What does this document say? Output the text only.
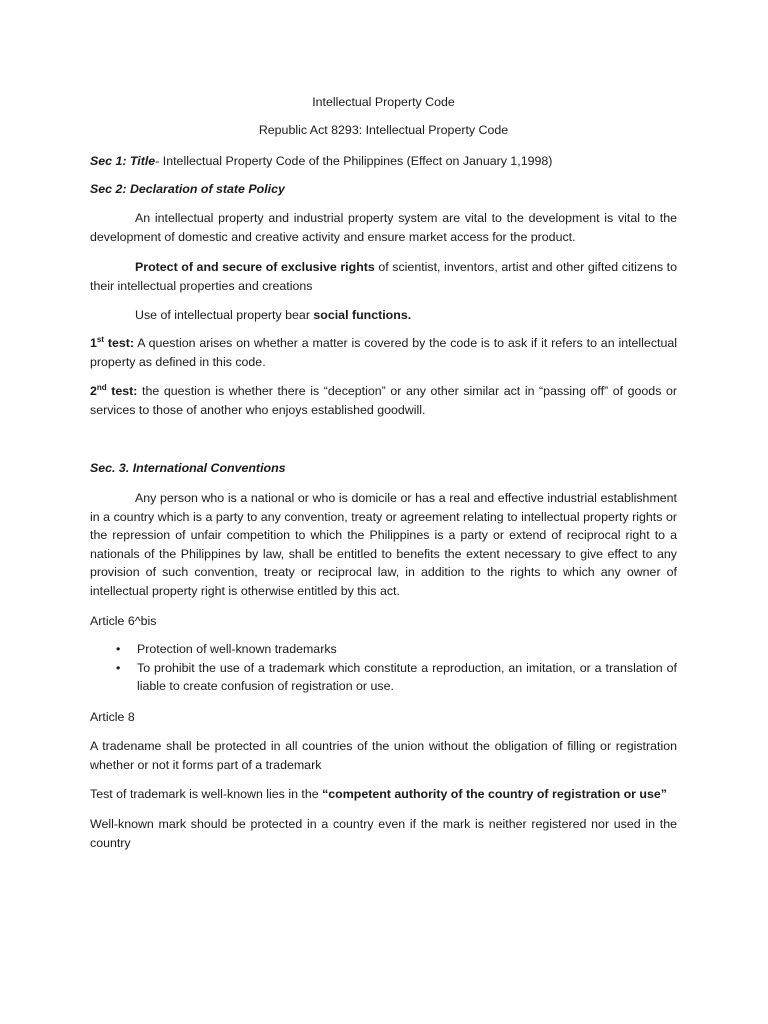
Intellectual Property Code

Republic Act 8293: Intellectual Property Code

Sec 1: Title- Intellectual Property Code of the Philippines (Effect on January 1,1998)

Sec 2: Declaration of state Policy

An intellectual property and industrial property system are vital to the development is vital to the development of domestic and creative activity and ensure market access for the product.

Protect of and secure of exclusive rights of scientist, inventors, artist and other gifted citizens to their intellectual properties and creations

Use of intellectual property bear social functions.

1st test: A question arises on whether a matter is covered by the code is to ask if it refers to an intellectual property as defined in this code.

2nd test: the question is whether there is “deception” or any other similar act in “passing off” of goods or services to those of another who enjoys established goodwill.

Sec. 3. International Conventions

Any person who is a national or who is domicile or has a real and effective industrial establishment in a country which is a party to any convention, treaty or agreement relating to intellectual property rights or the repression of unfair competition to which the Philippines is a party or extend of reciprocal right to a nationals of the Philippines by law, shall be entitled to benefits the extent necessary to give effect to any provision of such convention, treaty or reciprocal law, in addition to the rights to which any owner of intellectual property right is otherwise entitled by this act.

Article 6^bis

• Protection of well-known trademarks
• To prohibit the use of a trademark which constitute a reproduction, an imitation, or a translation of liable to create confusion of registration or use.

Article 8

A tradename shall be protected in all countries of the union without the obligation of filling or registration whether or not it forms part of a trademark

Test of trademark is well-known lies in the “competent authority of the country of registration or use”

Well-known mark should be protected in a country even if the mark is neither registered nor used in the country
